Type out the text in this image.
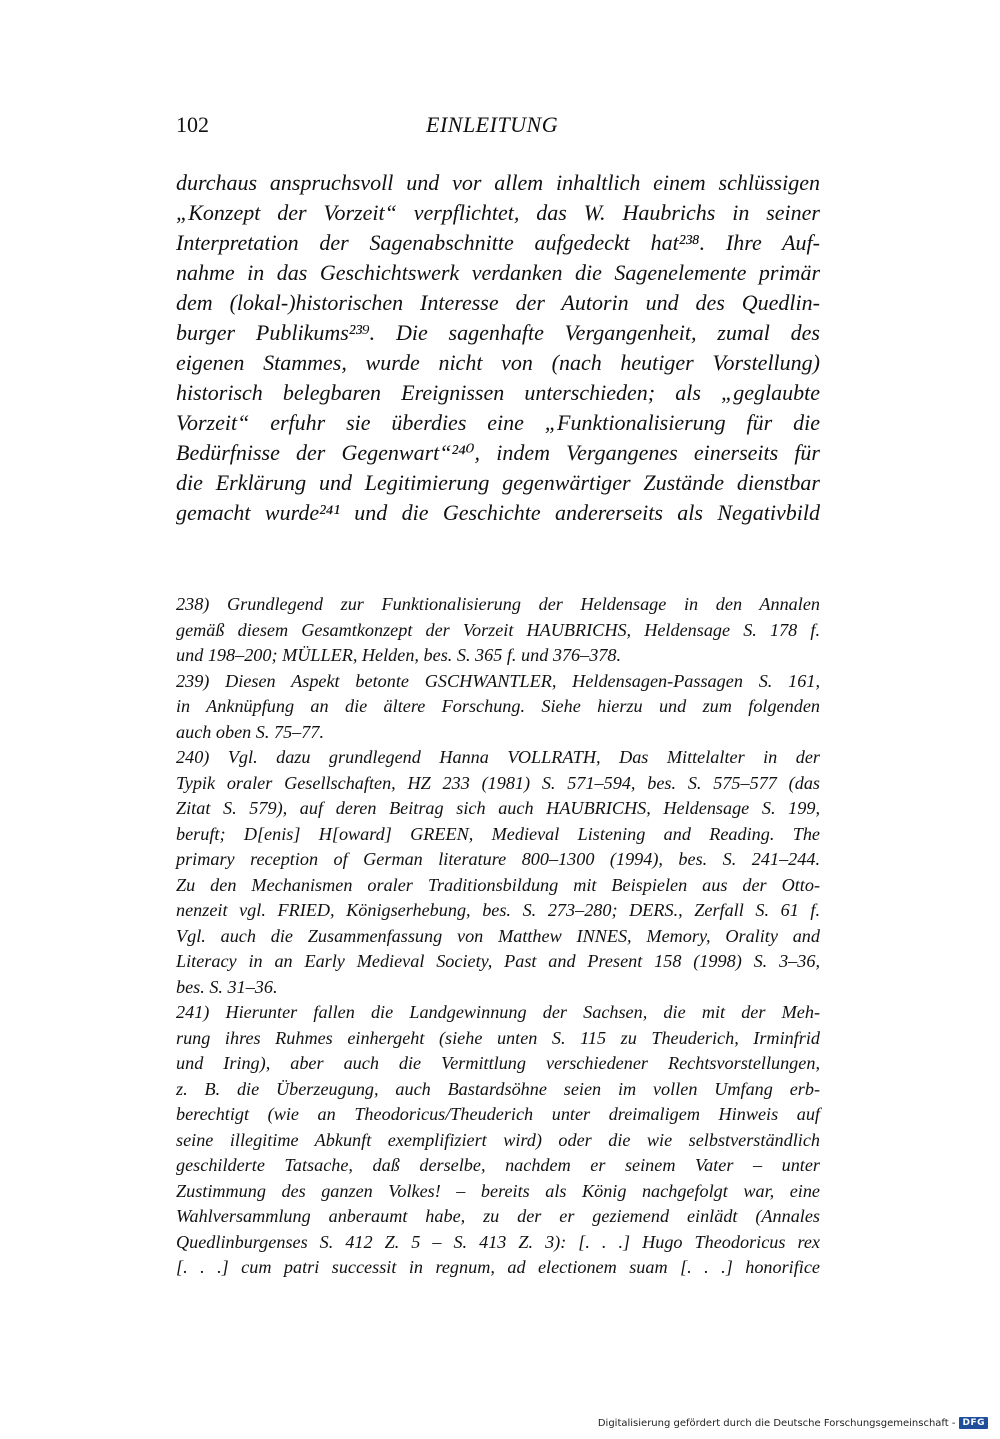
102	EINLEITUNG
durchaus anspruchsvoll und vor allem inhaltlich einem schlüssigen
„Konzept der Vorzeit“ verpflichtet, das W. Haubrichs in seiner
Interpretation der Sagenabschnitte aufgedeckt hat²³⁸. Ihre Auf-
nahme in das Geschichtswerk verdanken die Sagenelemente primär
dem (lokal-)historischen Interesse der Autorin und des Quedlin-
burger Publikums²³⁹. Die sagenhafte Vergangenheit, zumal des
eigenen Stammes, wurde nicht von (nach heutiger Vorstellung)
historisch belegbaren Ereignissen unterschieden; als „geglaubte
Vorzeit“ erfuhr sie überdies eine „Funktionalisierung für die
Bedürfnisse der Gegenwart“²⁴⁰, indem Vergangenes einerseits für
die Erklärung und Legitimierung gegenwärtiger Zustände dienstbar
gemacht wurde²⁴¹ und die Geschichte andererseits als Negativbild
238) Grundlegend zur Funktionalisierung der Heldensage in den Annalen
gemäß diesem Gesamtkonzept der Vorzeit HAUBRICHS, Heldensage S. 178 f.
und 198–200; MÜLLER, Helden, bes. S. 365 f. und 376–378.
239) Diesen Aspekt betonte GSCHWANTLER, Heldensagen-Passagen S. 161,
in Anknüpfung an die ältere Forschung. Siehe hierzu und zum folgenden
auch oben S. 75–77.
240) Vgl. dazu grundlegend Hanna VOLLRATH, Das Mittelalter in der
Typik oraler Gesellschaften, HZ 233 (1981) S. 571–594, bes. S. 575–577 (das
Zitat S. 579), auf deren Beitrag sich auch HAUBRICHS, Heldensage S. 199,
beruft; D[enis] H[oward] GREEN, Medieval Listening and Reading. The
primary reception of German literature 800–1300 (1994), bes. S. 241–244.
Zu den Mechanismen oraler Traditionsbildung mit Beispielen aus der Otto-
nenzeit vgl. FRIED, Königserhebung, bes. S. 273–280; DERS., Zerfall S. 61 f.
Vgl. auch die Zusammenfassung von Matthew INNES, Memory, Orality and
Literacy in an Early Medieval Society, Past and Present 158 (1998) S. 3–36,
bes. S. 31–36.
241) Hierunter fallen die Landgewinnung der Sachsen, die mit der Meh-
rung ihres Ruhmes einhergeht (siehe unten S. 115 zu Theuderich, Irminfrid
und Iring), aber auch die Vermittlung verschiedener Rechtsvorstellungen,
z. B. die Überzeugung, auch Bastardsöhne seien im vollen Umfang erb-
berechtigt (wie an Theodoricus/Theuderich unter dreimaligem Hinweis auf
seine illegitime Abkunft exemplifiziert wird) oder die wie selbstverständlich
geschilderte Tatsache, daß derselbe, nachdem er seinem Vater – unter
Zustimmung des ganzen Volkes! – bereits als König nachgefolgt war, eine
Wahlversammlung anberaumt habe, zu der er geziemend einlädt (Annales
Quedlinburgenses S. 412 Z. 5 – S. 413 Z. 3): [. . .] Hugo Theodoricus rex
[. . .] cum patri successit in regnum, ad electionem suam [. . .] honorifice
Digitalisierung gefördert durch die Deutsche Forschungsgemeinschaft - DFG
